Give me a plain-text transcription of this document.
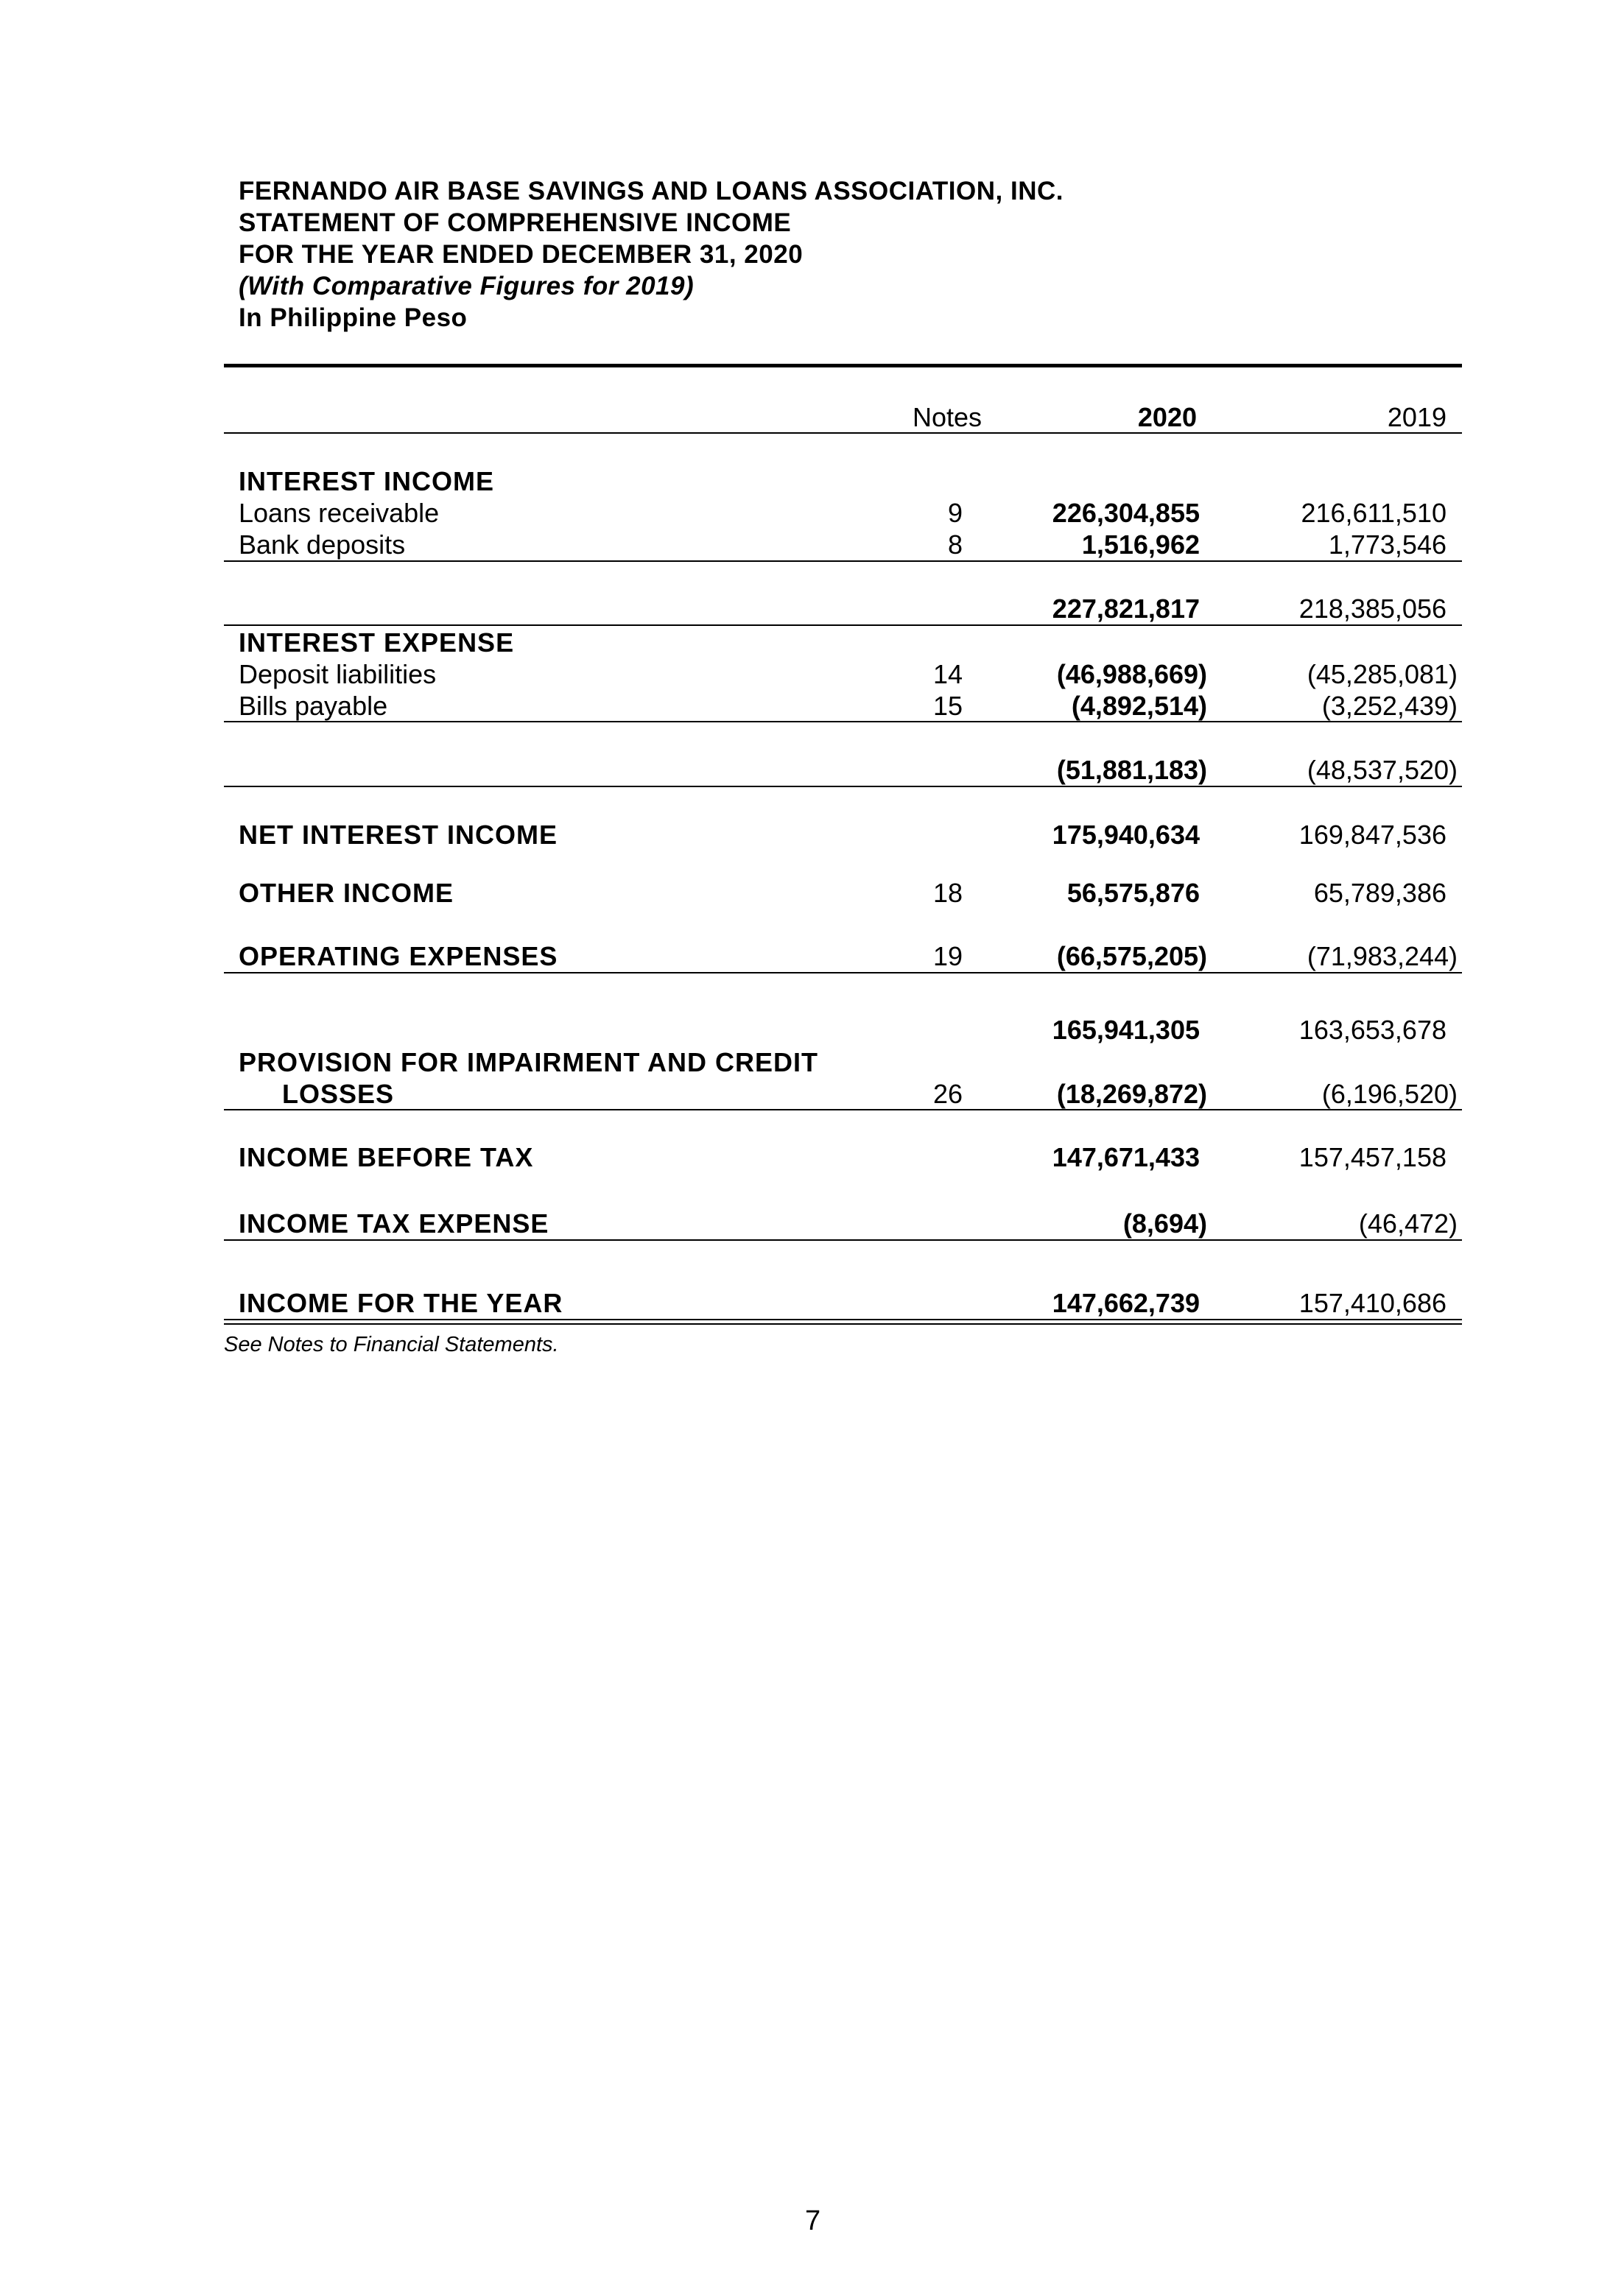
FERNANDO AIR BASE SAVINGS AND LOANS ASSOCIATION, INC.
STATEMENT OF COMPREHENSIVE INCOME
FOR THE YEAR ENDED DECEMBER 31, 2020
(With Comparative Figures for 2019)
In Philippine Peso
Notes	2020	2019
INTEREST INCOME
Loans receivable	9	226,304,855	216,611,510
Bank deposits	8	1,516,962	1,773,546
227,821,817	218,385,056
INTEREST EXPENSE
Deposit liabilities	14	(46,988,669)	(45,285,081)
Bills payable	15	(4,892,514)	(3,252,439)
(51,881,183)	(48,537,520)
NET INTEREST INCOME	175,940,634	169,847,536
OTHER INCOME	18	56,575,876	65,789,386
OPERATING EXPENSES	19	(66,575,205)	(71,983,244)
165,941,305	163,653,678
PROVISION FOR IMPAIRMENT AND CREDIT
LOSSES	26	(18,269,872)	(6,196,520)
INCOME BEFORE TAX	147,671,433	157,457,158
INCOME TAX EXPENSE	(8,694)	(46,472)
INCOME FOR THE YEAR	147,662,739	157,410,686
See Notes to Financial Statements.
7
